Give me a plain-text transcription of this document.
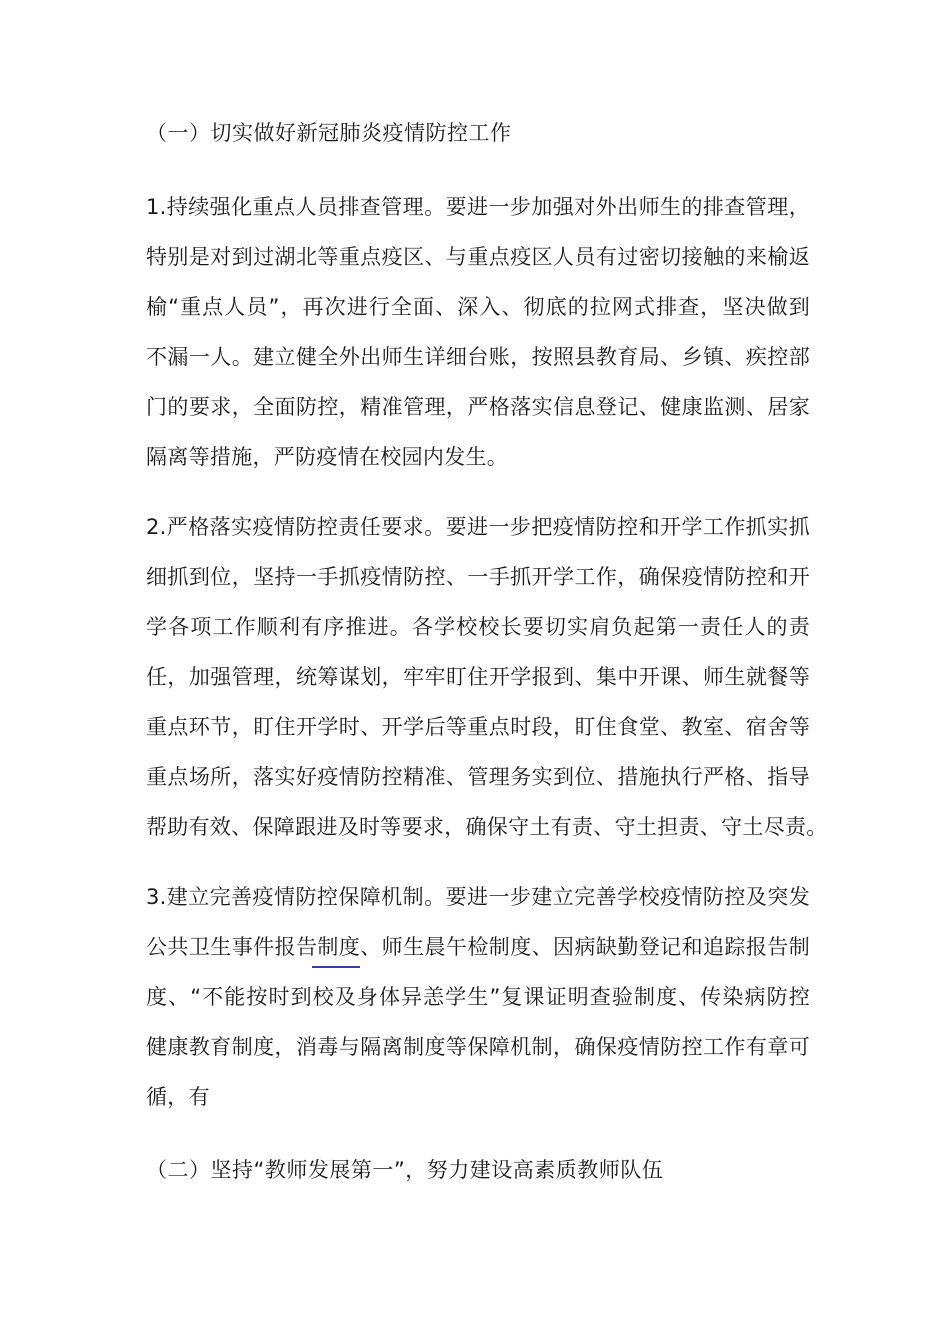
（一）切实做好新冠肺炎疫情防控工作
1.持续强化重点人员排查管理。要进一步加强对外出师生的排查管理，
特别是对到过湖北等重点疫区、与重点疫区人员有过密切接触的来榆返
榆“重点人员”，再次进行全面、深入、彻底的拉网式排查，坚决做到
不漏一人。建立健全外出师生详细台账，按照县教育局、乡镇、疾控部
门的要求，全面防控，精准管理，严格落实信息登记、健康监测、居家
隔离等措施，严防疫情在校园内发生。
2.严格落实疫情防控责任要求。要进一步把疫情防控和开学工作抓实抓
细抓到位，坚持一手抓疫情防控、一手抓开学工作，确保疫情防控和开
学各项工作顺利有序推进。各学校校长要切实肩负起第一责任人的责
任，加强管理，统筹谋划，牢牢盯住开学报到、集中开课、师生就餐等
重点环节，盯住开学时、开学后等重点时段，盯住食堂、教室、宿舍等
重点场所，落实好疫情防控精准、管理务实到位、措施执行严格、指导
帮助有效、保障跟进及时等要求，确保守土有责、守土担责、守土尽责。
3.建立完善疫情防控保障机制。要进一步建立完善学校疫情防控及突发
公共卫生事件报告制度、师生晨午检制度、因病缺勤登记和追踪报告制
度、“不能按时到校及身体异恙学生”复课证明查验制度、传染病防控
健康教育制度，消毒与隔离制度等保障机制，确保疫情防控工作有章可
循，有
（二）坚持“教师发展第一”，努力建设高素质教师队伍
